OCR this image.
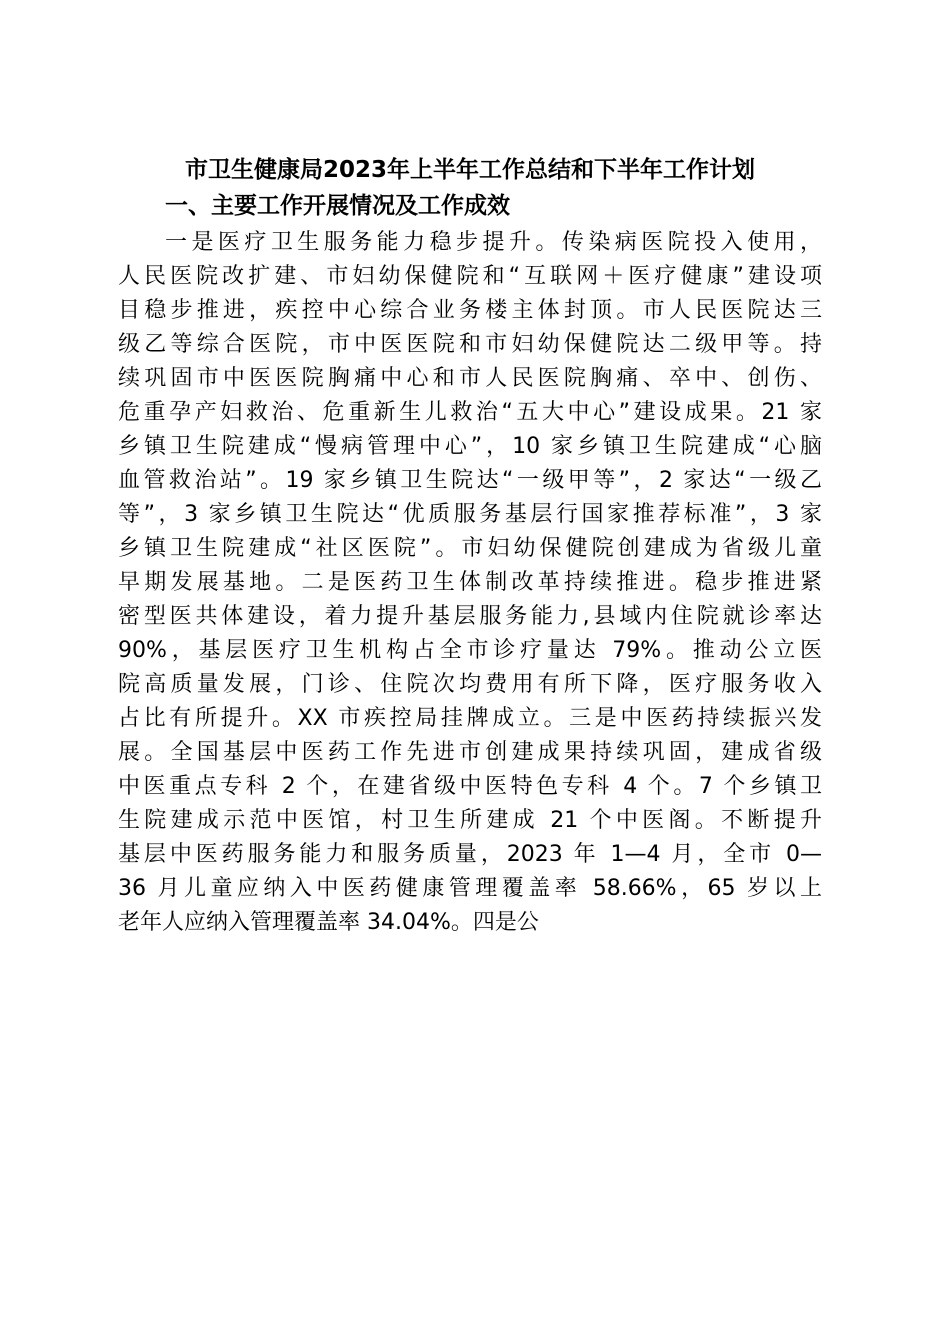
市卫生健康局2023年上半年工作总结和下半年工作计划
一、主要工作开展情况及工作成效
一是医疗卫生服务能力稳步提升。传染病医院投入使用，
人民医院改扩建、市妇幼保健院和“互联网＋医疗健康”建设项
目稳步推进，疾控中心综合业务楼主体封顶。市人民医院达三
级乙等综合医院，市中医医院和市妇幼保健院达二级甲等。持
续巩固市中医医院胸痛中心和市人民医院胸痛、卒中、创伤、
危重孕产妇救治、危重新生儿救治“五大中心”建设成果。21 家
乡镇卫生院建成“慢病管理中心”，10 家乡镇卫生院建成“心脑
血管救治站”。19 家乡镇卫生院达“一级甲等”，2 家达“一级乙
等”，3 家乡镇卫生院达“优质服务基层行国家推荐标准”，3 家
乡镇卫生院建成“社区医院”。市妇幼保健院创建成为省级儿童
早期发展基地。二是医药卫生体制改革持续推进。稳步推进紧
密型医共体建设，着力提升基层服务能力,县域内住院就诊率达
90%，基层医疗卫生机构占全市诊疗量达 79%。推动公立医
院高质量发展，门诊、住院次均费用有所下降，医疗服务收入
占比有所提升。XX 市疾控局挂牌成立。三是中医药持续振兴发
展。全国基层中医药工作先进市创建成果持续巩固，建成省级
中医重点专科 2 个，在建省级中医特色专科 4 个。7 个乡镇卫
生院建成示范中医馆，村卫生所建成 21 个中医阁。不断提升
基层中医药服务能力和服务质量，2023 年 1—4 月，全市 0—
36 月儿童应纳入中医药健康管理覆盖率 58.66%，65 岁以上
老年人应纳入管理覆盖率 34.04%。四是公
